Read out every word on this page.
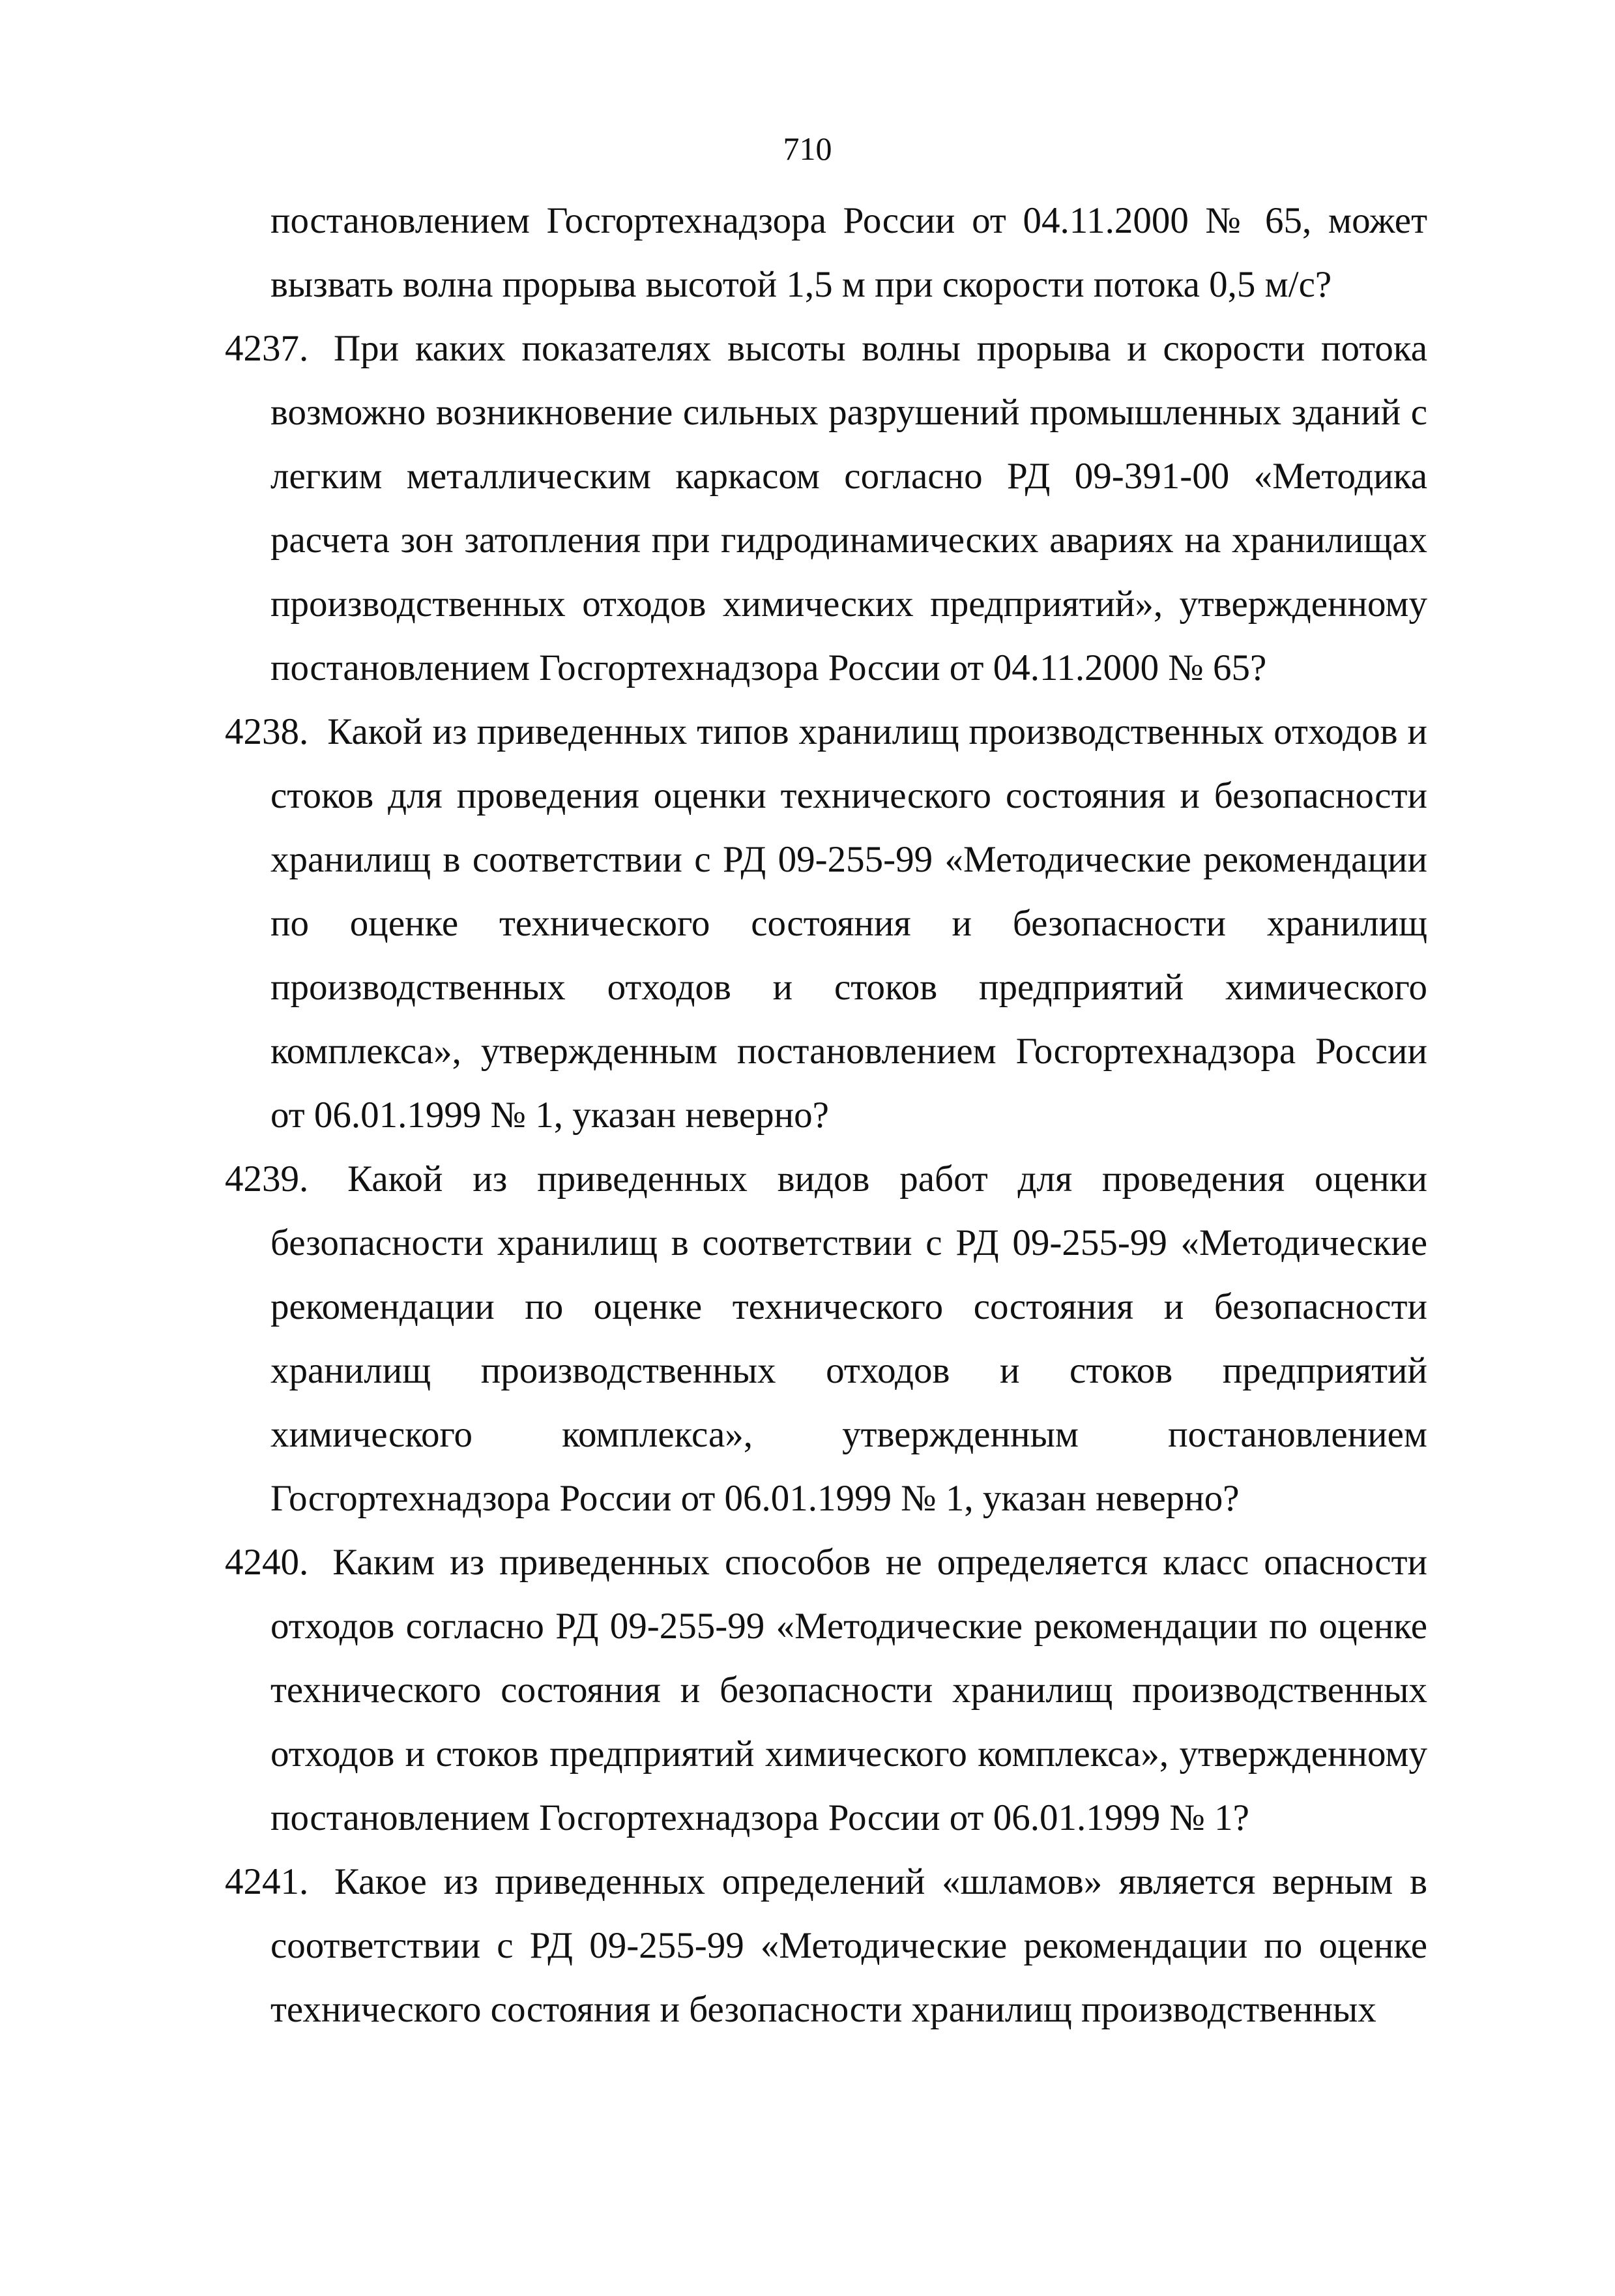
710
постановлением Госгортехнадзора России от 04.11.2000 № 65, может вызвать волна прорыва высотой 1,5 м при скорости потока 0,5 м/с?
4237. При каких показателях высоты волны прорыва и скорости потока возможно возникновение сильных разрушений промышленных зданий с легким металлическим каркасом согласно РД 09-391-00 «Методика расчета зон затопления при гидродинамических авариях на хранилищах производственных отходов химических предприятий», утвержденному постановлением Госгортехнадзора России от 04.11.2000 № 65?
4238. Какой из приведенных типов хранилищ производственных отходов и стоков для проведения оценки технического состояния и безопасности хранилищ в соответствии с РД 09-255-99 «Методические рекомендации по оценке технического состояния и безопасности хранилищ производственных отходов и стоков предприятий химического комплекса», утвержденным постановлением Госгортехнадзора России от 06.01.1999 № 1, указан неверно?
4239. Какой из приведенных видов работ для проведения оценки безопасности хранилищ в соответствии с РД 09-255-99 «Методические рекомендации по оценке технического состояния и безопасности хранилищ производственных отходов и стоков предприятий химического комплекса», утвержденным постановлением Госгортехнадзора России от 06.01.1999 № 1, указан неверно?
4240. Каким из приведенных способов не определяется класс опасности отходов согласно РД 09-255-99 «Методические рекомендации по оценке технического состояния и безопасности хранилищ производственных отходов и стоков предприятий химического комплекса», утвержденному постановлением Госгортехнадзора России от 06.01.1999 № 1?
4241. Какое из приведенных определений «шламов» является верным в соответствии с РД 09-255-99 «Методические рекомендации по оценке технического состояния и безопасности хранилищ производственных
